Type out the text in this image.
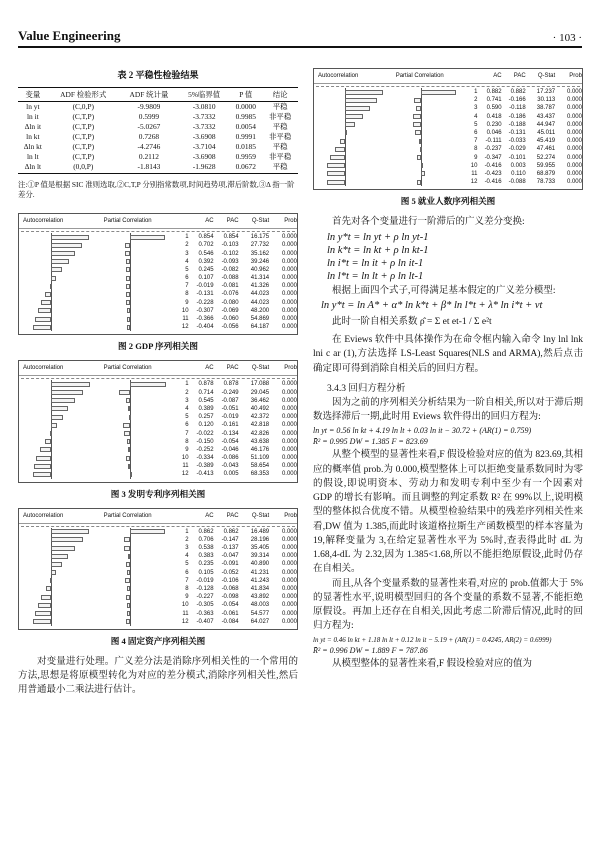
Value Engineering	· 103 ·
表 2 平稳性检验结果
变量	ADF 检验形式	ADF 统计量	5%临界值	P 值	结论
ln yt	(C,0,P)	-9.9809	-3.0810	0.0000	平稳
ln it	(C,T,P)	0.5999	-3.7332	0.9985	非平稳
Δln it	(C,T,P)	-5.0267	-3.7332	0.0054	平稳
ln kt	(C,T,P)	0.7268	-3.6908	0.9991	非平稳
Δln kt	(C,T,P)	-4.2746	-3.7104	0.0185	平稳
ln lt	(C,T,P)	0.2112	-3.6908	0.9959	非平稳
Δln lt	(0,0,P)	-1.8143	-1.9628	0.0672	平稳
注:①P 值是根据 SIC 准则选取,②C,T,P 分别指常数项,时间趋势项,滞后阶数,③Δ 指一阶差分.
Autocorrelation	Partial Correlation	AC	PAC	Q-Stat	Prob
1	0.854	0.854	16.175	0.000
2	0.702	-0.103	27.732	0.000
3	0.546	-0.102	35.162	0.000
4	0.392	-0.093	39.246	0.000
5	0.245	-0.082	40.962	0.000
6	0.107	-0.088	41.314	0.000
7	-0.019	-0.081	41.326	0.000
8	-0.131	-0.076	44.023	0.000
9	-0.228	-0.080	44.023	0.000
10	-0.307	-0.069	48.200	0.000
11	-0.366	-0.060	54.869	0.000
12	-0.404	-0.056	64.187	0.000
图 2 GDP 序列相关图
Autocorrelation	Partial Correlation	AC	PAC	Q-Stat	Prob
1	0.878	0.878	17.088	0.000
2	0.714	-0.249	29.045	0.000
3	0.545	-0.087	36.462	0.000
4	0.389	-0.051	40.492	0.000
5	0.257	-0.019	42.372	0.000
6	0.120	-0.161	42.818	0.000
7	-0.022	-0.134	42.826	0.000
8	-0.150	-0.054	43.638	0.000
9	-0.252	-0.046	46.176	0.000
10	-0.334	-0.086	51.109	0.000
11	-0.389	-0.043	58.654	0.000
12	-0.413	0.005	68.353	0.000
图 3 发明专利序列相关图
Autocorrelation	Partial Correlation	AC	PAC	Q-Stat	Prob
1	0.862	0.862	16.489	0.000
2	0.706	-0.147	28.196	0.000
3	0.538	-0.137	35.405	0.000
4	0.383	-0.047	39.314	0.000
5	0.235	-0.091	40.890	0.000
6	0.105	-0.052	41.231	0.000
7	-0.019	-0.106	41.243	0.000
8	-0.128	-0.068	41.834	0.000
9	-0.227	-0.098	43.892	0.000
10	-0.305	-0.054	48.003	0.000
11	-0.363	-0.061	54.577	0.000
12	-0.407	-0.084	64.027	0.000
图 4 固定资产序列相关图
对变量进行处理。广义差分法是消除序列相关性的一个常用的方法,思想是将原模型转化为对应的差分模式,消除序列相关性,然后用普通最小二乘法进行估计。
Autocorrelation	Partial Correlation	AC	PAC	Q-Stat	Prob
1	0.882	0.882	17.237	0.000
2	0.741	-0.166	30.113	0.000
3	0.590	-0.118	38.787	0.000
4	0.418	-0.186	43.437	0.000
5	0.230	-0.188	44.947	0.000
6	0.046	-0.131	45.011	0.000
7	-0.111	-0.033	45.419	0.000
8	-0.237	-0.029	47.461	0.000
9	-0.347	-0.101	52.274	0.000
10	-0.416	0.003	59.955	0.000
11	-0.423	0.110	68.879	0.000
12	-0.416	-0.088	78.733	0.000
图 5 就业人数序列相关图
首先对各个变量进行一阶滞后的广义差分变换:
ln y*t = ln yt + ρ ln yt-1
ln k*t = ln kt + ρ ln kt-1
ln i*t = ln it + ρ ln it-1
ln l*t = ln lt + ρ ln lt-1
根据上面四个式子,可得满足基本假定的广义差分模型:
ln y*t = ln A* + α* ln k*t + β* ln l*t + λ* ln i*t + νt
此时一阶自相关系数 ρ̂ = Σ et et-1 / Σ e²t
在 Eviews 软件中具体操作为在命令框内输入命令 lny lnl lnk lni c ar (1),方法选择 LS-Least Squares(NLS and ARMA),然后点击确定即可得到消除自相关后的回归方程。
3.4.3 回归方程分析
因为之前的序列相关分析结果为一阶自相关,所以对于滞后期数选择滞后一期,此时用 Eviews 软件得出的回归方程为:
ln yt = 0.56 ln kt + 4.19 ln lt + 0.03 ln it − 30.72 + (AR(1) = 0.759)
R̄² = 0.995 DW = 1.385 F = 823.69
从整个模型的显著性来看,F 假设检验对应的值为 823.69,其相应的概率值 prob.为 0.000,模型整体上可以拒绝变量系数同时为零的假设,即说明资本、劳动力和发明专利中至少有一个因素对 GDP 的增长有影响。而且调整的判定系数 R² 在 99%以上,说明模型的整体拟合优度不错。从模型检验结果中的残差序列相关性来看,DW 值为 1.385,而此时该道格拉斯生产函数模型的样本容量为 19,解释变量为 3,在给定显著性水平为 5%时,查表得此时 dL 为 1.68,4-dL 为 2.32,因为 1.385<1.68,所以不能拒绝原假设,此时仍存在自相关。
而且,从各个变量系数的显著性来看,对应的 prob.值都大于 5%的显著性水平,说明模型回归的各个变量的系数不显著,不能拒绝原假设。再加上还存在自相关,因此考虑二阶滞后情况,此时的回归方程为:
ln yt = 0.46 ln kt + 1.18 ln lt + 0.12 ln it − 5.19 + (AR(1) = 0.4245, AR(2) = 0.6999)
R̄² = 0.996 DW = 1.889 F = 787.86
从模型整体的显著性来看,F 假设检验对应的值为
